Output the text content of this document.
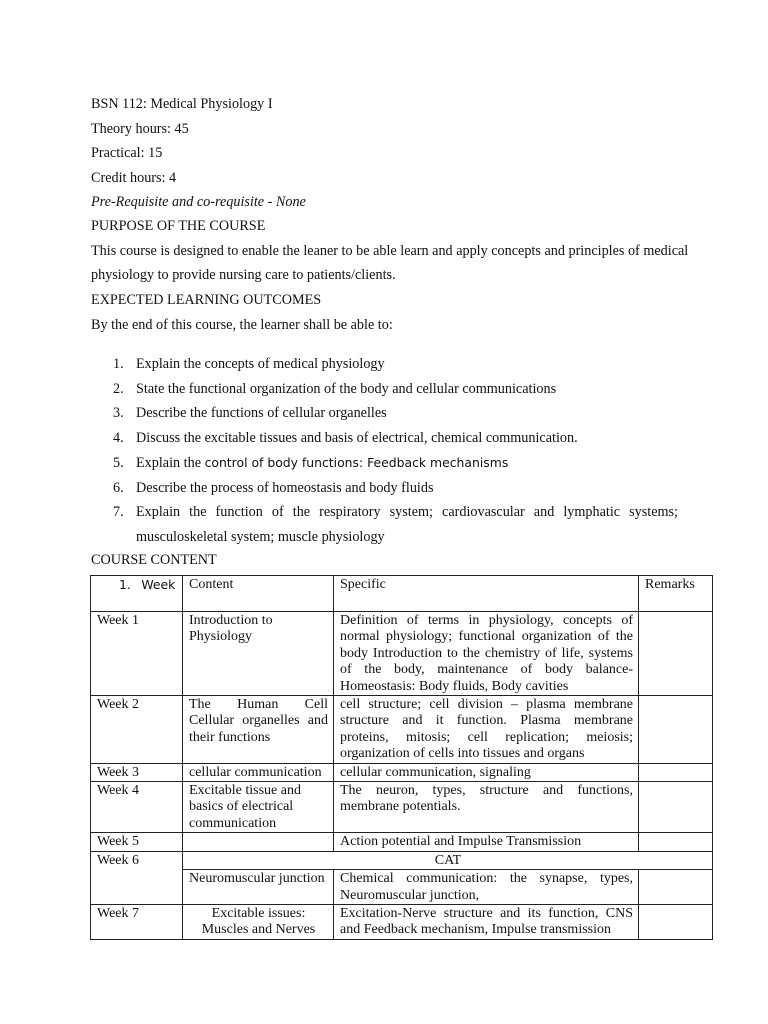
BSN 112: Medical Physiology I
Theory hours: 45
Practical: 15
Credit hours: 4
Pre-Requisite and co-requisite - None
PURPOSE OF THE COURSE
This course is designed to enable the leaner to be able learn and apply concepts and principles of medical
physiology to provide nursing care to patients/clients.
EXPECTED LEARNING OUTCOMES
By the end of this course, the learner shall be able to:
1. Explain the concepts of medical physiology
2. State the functional organization of the body and cellular communications
3. Describe the functions of cellular organelles
4. Discuss the excitable tissues and basis of electrical, chemical communication.
5. Explain the control of body functions: Feedback mechanisms
6. Describe the process of homeostasis and body fluids
7. Explain the function of the respiratory system; cardiovascular and lymphatic systems; musculoskeletal system; muscle physiology
COURSE CONTENT
1. Week	Content	Specific	Remarks
Week 1	Introduction to Physiology	Definition of terms in physiology, concepts of normal physiology; functional organization of the body Introduction to the chemistry of life, systems of the body, maintenance of body balance-Homeostasis: Body fluids, Body cavities	
Week 2	The Human Cell Cellular organelles and their functions	cell structure; cell division – plasma membrane structure and it function. Plasma membrane proteins, mitosis; cell replication; meiosis; organization of cells into tissues and organs	
Week 3	cellular communication	cellular communication, signaling	
Week 4	Excitable tissue and basics of electrical communication	The neuron, types, structure and functions, membrane potentials.	
Week 5		Action potential and Impulse Transmission	
Week 6	CAT		
	Neuromuscular junction	Chemical communication: the synapse, types, Neuromuscular junction,	
Week 7	Excitable issues: Muscles and Nerves	Excitation-Nerve structure and its function, CNS and Feedback mechanism, Impulse transmission	
